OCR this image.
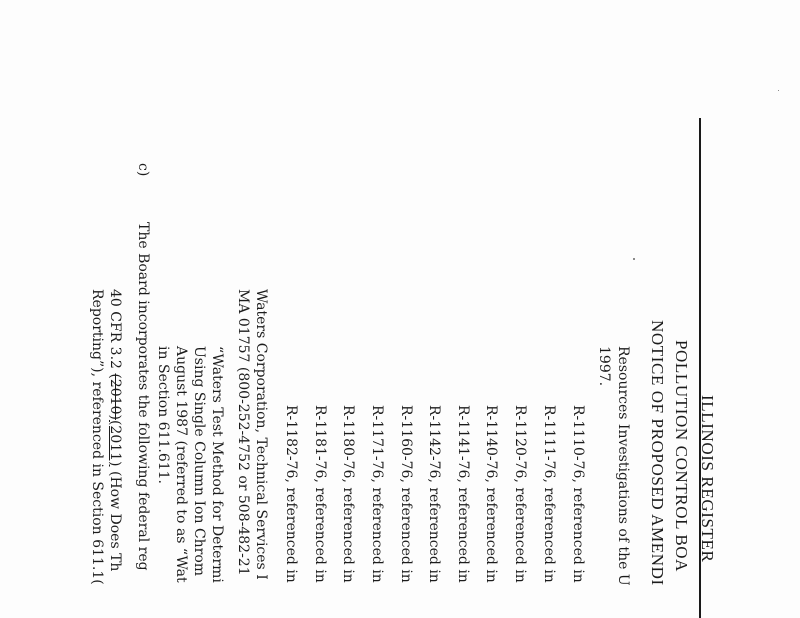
ILLINOIS REGISTER
POLLUTION CONTROL BOA
NOTICE OF PROPOSED AMENDI
Resources Investigations of the U
1997.
R-1110-76, referenced in
R-1111-76, referenced in
R-1120-76, referenced in
R-1140-76, referenced in
R-1141-76, referenced in
R-1142-76, referenced in
R-1160-76, referenced in
R-1171-76, referenced in
R-1180-76, referenced in
R-1181-76, referenced in
R-1182-76, referenced in
Waters Corporation, Technical Services I
MA 01757 (800-252-4752 or 508-482-21
“Waters Test Method for Determi
Using Single Column Ion Chrom
August 1987 (referred to as “Wat
in Section 611.611.
c)
The Board incorporates the following federal reg
40 CFR 3.2 (2010)(2011) (How Does Th
Reporting”), referenced in Section 611.1(
